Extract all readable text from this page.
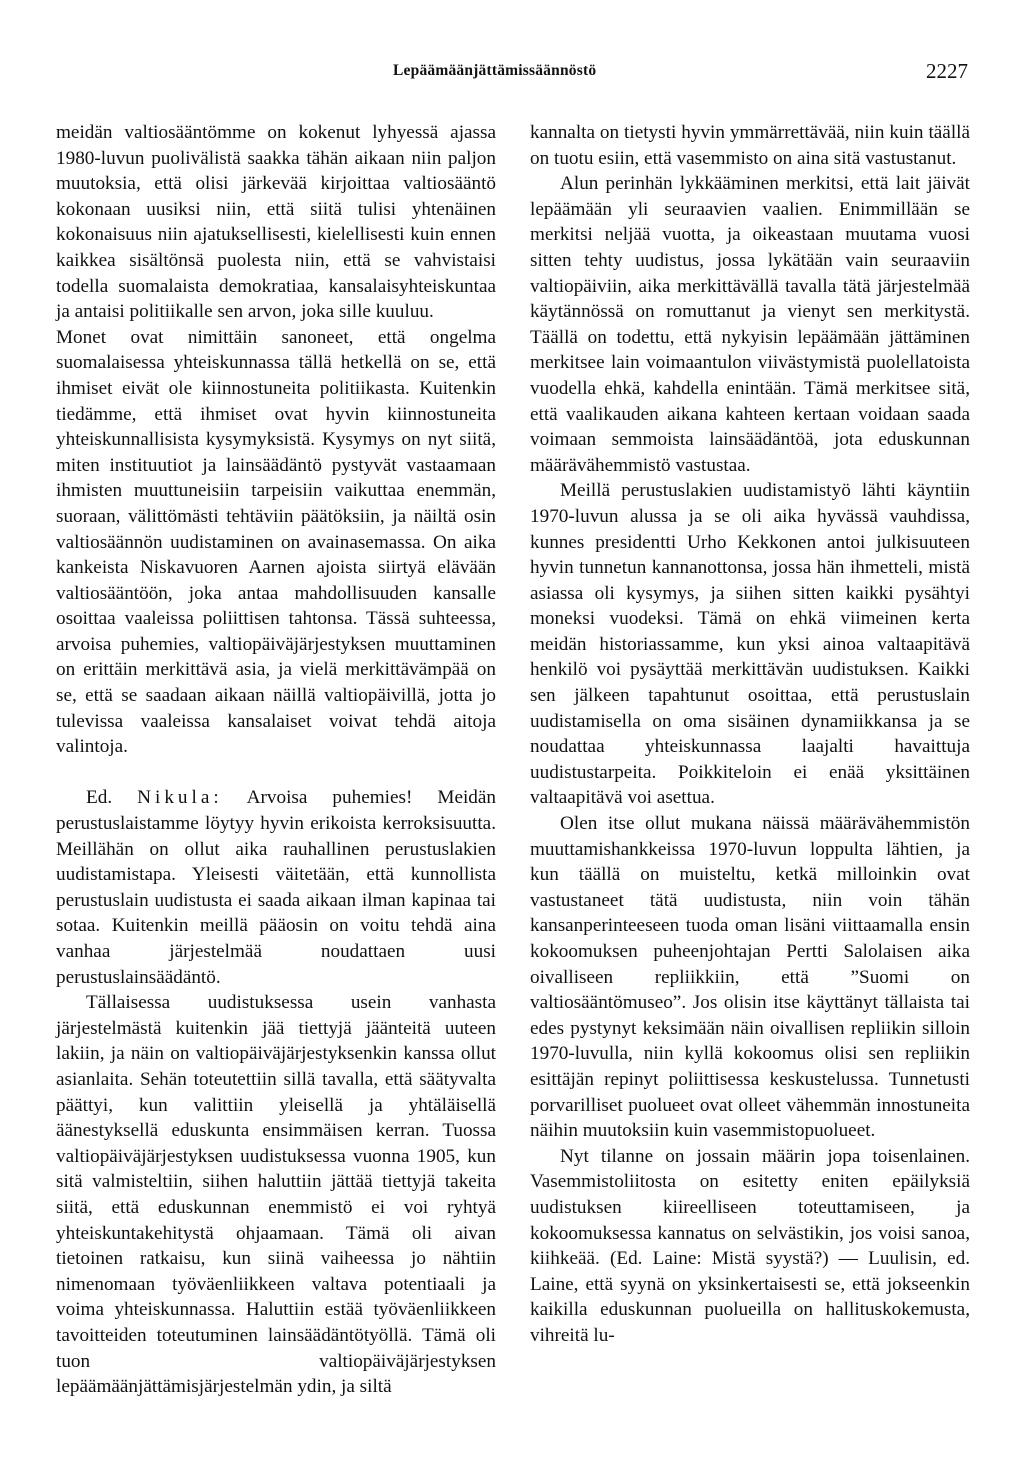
Lepäämäänjättämissäännöstö	2227

meidän valtiosääntömme on kokenut lyhyessä ajassa 1980-luvun puolivälistä saakka tähän aikaan niin paljon muutoksia, että olisi järkevää kirjoittaa valtiosääntö kokonaan uusiksi niin, että siitä tulisi yhtenäinen kokonaisuus niin ajatuksellisesti, kielellisesti kuin ennen kaikkea sisältönsä puolesta niin, että se vahvistaisi todella suomalaista demokratiaa, kansalaisyhteiskuntaa ja antaisi politiikalle sen arvon, joka sille kuuluu.

Monet ovat nimittäin sanoneet, että ongelma suomalaisessa yhteiskunnassa tällä hetkellä on se, että ihmiset eivät ole kiinnostuneita politiikasta. Kuitenkin tiedämme, että ihmiset ovat hyvin kiinnostuneita yhteiskunnallisista kysymyksistä. Kysymys on nyt siitä, miten instituutiot ja lainsäädäntö pystyvät vastaamaan ihmisten muuttuneisiin tarpeisiin vaikuttaa enemmän, suoraan, välittömästi tehtäviin päätöksiin, ja näiltä osin valtiosäännön uudistaminen on avainasemassa. On aika kankeista Niskavuoren Aarnen ajoista siirtyä elävään valtiosääntöön, joka antaa mahdollisuuden kansalle osoittaa vaaleissa poliittisen tahtonsa. Tässä suhteessa, arvoisa puhemies, valtiopäiväjärjestyksen muuttaminen on erittäin merkittävä asia, ja vielä merkittävämpää on se, että se saadaan aikaan näillä valtiopäivillä, jotta jo tulevissa vaaleissa kansalaiset voivat tehdä aitoja valintoja.

Ed. Nikula: Arvoisa puhemies! Meidän perustuslaistamme löytyy hyvin erikoista kerroksisuutta. Meillähän on ollut aika rauhallinen perustuslakien uudistamistapa. Yleisesti väitetään, että kunnollista perustuslain uudistusta ei saada aikaan ilman kapinaa tai sotaa. Kuitenkin meillä pääosin on voitu tehdä aina vanhaa järjestelmää noudattaen uusi perustuslainsäädäntö.

Tällaisessa uudistuksessa usein vanhasta järjestelmästä kuitenkin jää tiettyjä jäänteitä uuteen lakiin, ja näin on valtiopäiväjärjestyksenkin kanssa ollut asianlaita. Sehän toteutettiin sillä tavalla, että säätyvalta päättyi, kun valittiin yleisellä ja yhtäläisellä äänestyksellä eduskunta ensimmäisen kerran. Tuossa valtiopäiväjärjestyksen uudistuksessa vuonna 1905, kun sitä valmisteltiin, siihen haluttiin jättää tiettyjä takeita siitä, että eduskunnan enemmistö ei voi ryhtyä yhteiskuntakehitystä ohjaamaan. Tämä oli aivan tietoinen ratkaisu, kun siinä vaiheessa jo nähtiin nimenomaan työväenliikkeen valtava potentiaali ja voima yhteiskunnassa. Haluttiin estää työväenliikkeen tavoitteiden toteutuminen lainsäädäntötyöllä. Tämä oli tuon valtiopäiväjärjestyksen lepäämäänjättämisjärjestelmän ydin, ja siltä

kannalta on tietysti hyvin ymmärrettävää, niin kuin täällä on tuotu esiin, että vasemmisto on aina sitä vastustanut.

Alun perinhän lykkääminen merkitsi, että lait jäivät lepäämään yli seuraavien vaalien. Enimmillään se merkitsi neljää vuotta, ja oikeastaan muutama vuosi sitten tehty uudistus, jossa lykätään vain seuraaviin valtiopäiviin, aika merkittävällä tavalla tätä järjestelmää käytännössä on romuttanut ja vienyt sen merkitystä. Täällä on todettu, että nykyisin lepäämään jättäminen merkitsee lain voimaantulon viivästymistä puolellatoista vuodella ehkä, kahdella enintään. Tämä merkitsee sitä, että vaalikauden aikana kahteen kertaan voidaan saada voimaan semmoista lainsäädäntöä, jota eduskunnan määrävähemmistö vastustaa.

Meillä perustuslakien uudistamistyö lähti käyntiin 1970-luvun alussa ja se oli aika hyvässä vauhdissa, kunnes presidentti Urho Kekkonen antoi julkisuuteen hyvin tunnetun kannanottonsa, jossa hän ihmetteli, mistä asiassa oli kysymys, ja siihen sitten kaikki pysähtyi moneksi vuodeksi. Tämä on ehkä viimeinen kerta meidän historiassamme, kun yksi ainoa valtaapitävä henkilö voi pysäyttää merkittävän uudistuksen. Kaikki sen jälkeen tapahtunut osoittaa, että perustuslain uudistamisella on oma sisäinen dynamiikkansa ja se noudattaa yhteiskunnassa laajalti havaittuja uudistustarpeita. Poikkiteloin ei enää yksittäinen valtaapitävä voi asettua.

Olen itse ollut mukana näissä määrävähemmistön muuttamishankkeissa 1970-luvun loppulta lähtien, ja kun täällä on muisteltu, ketkä milloinkin ovat vastustaneet tätä uudistusta, niin voin tähän kansanperinteeseen tuoda oman lisäni viittaamalla ensin kokoomuksen puheenjohtajan Pertti Salolaisen aika oivalliseen repliikkiin, että ”Suomi on valtiosääntömuseo”. Jos olisin itse käyttänyt tällaista tai edes pystynyt keksimään näin oivallisen repliikin silloin 1970-luvulla, niin kyllä kokoomus olisi sen repliikin esittäjän repinyt poliittisessa keskustelussa. Tunnetusti porvarilliset puolueet ovat olleet vähemmän innostuneita näihin muutoksiin kuin vasemmistopuolueet.

Nyt tilanne on jossain määrin jopa toisenlainen. Vasemmistoliitosta on esitetty eniten epäilyksiä uudistuksen kiireelliseen toteuttamiseen, ja kokoomuksessa kannatus on selvästikin, jos voisi sanoa, kiihkeää. (Ed. Laine: Mistä syystä?) — Luulisin, ed. Laine, että syynä on yksinkertaisesti se, että jokseenkin kaikilla eduskunnan puolueilla on hallituskokemusta, vihreitä lu-
